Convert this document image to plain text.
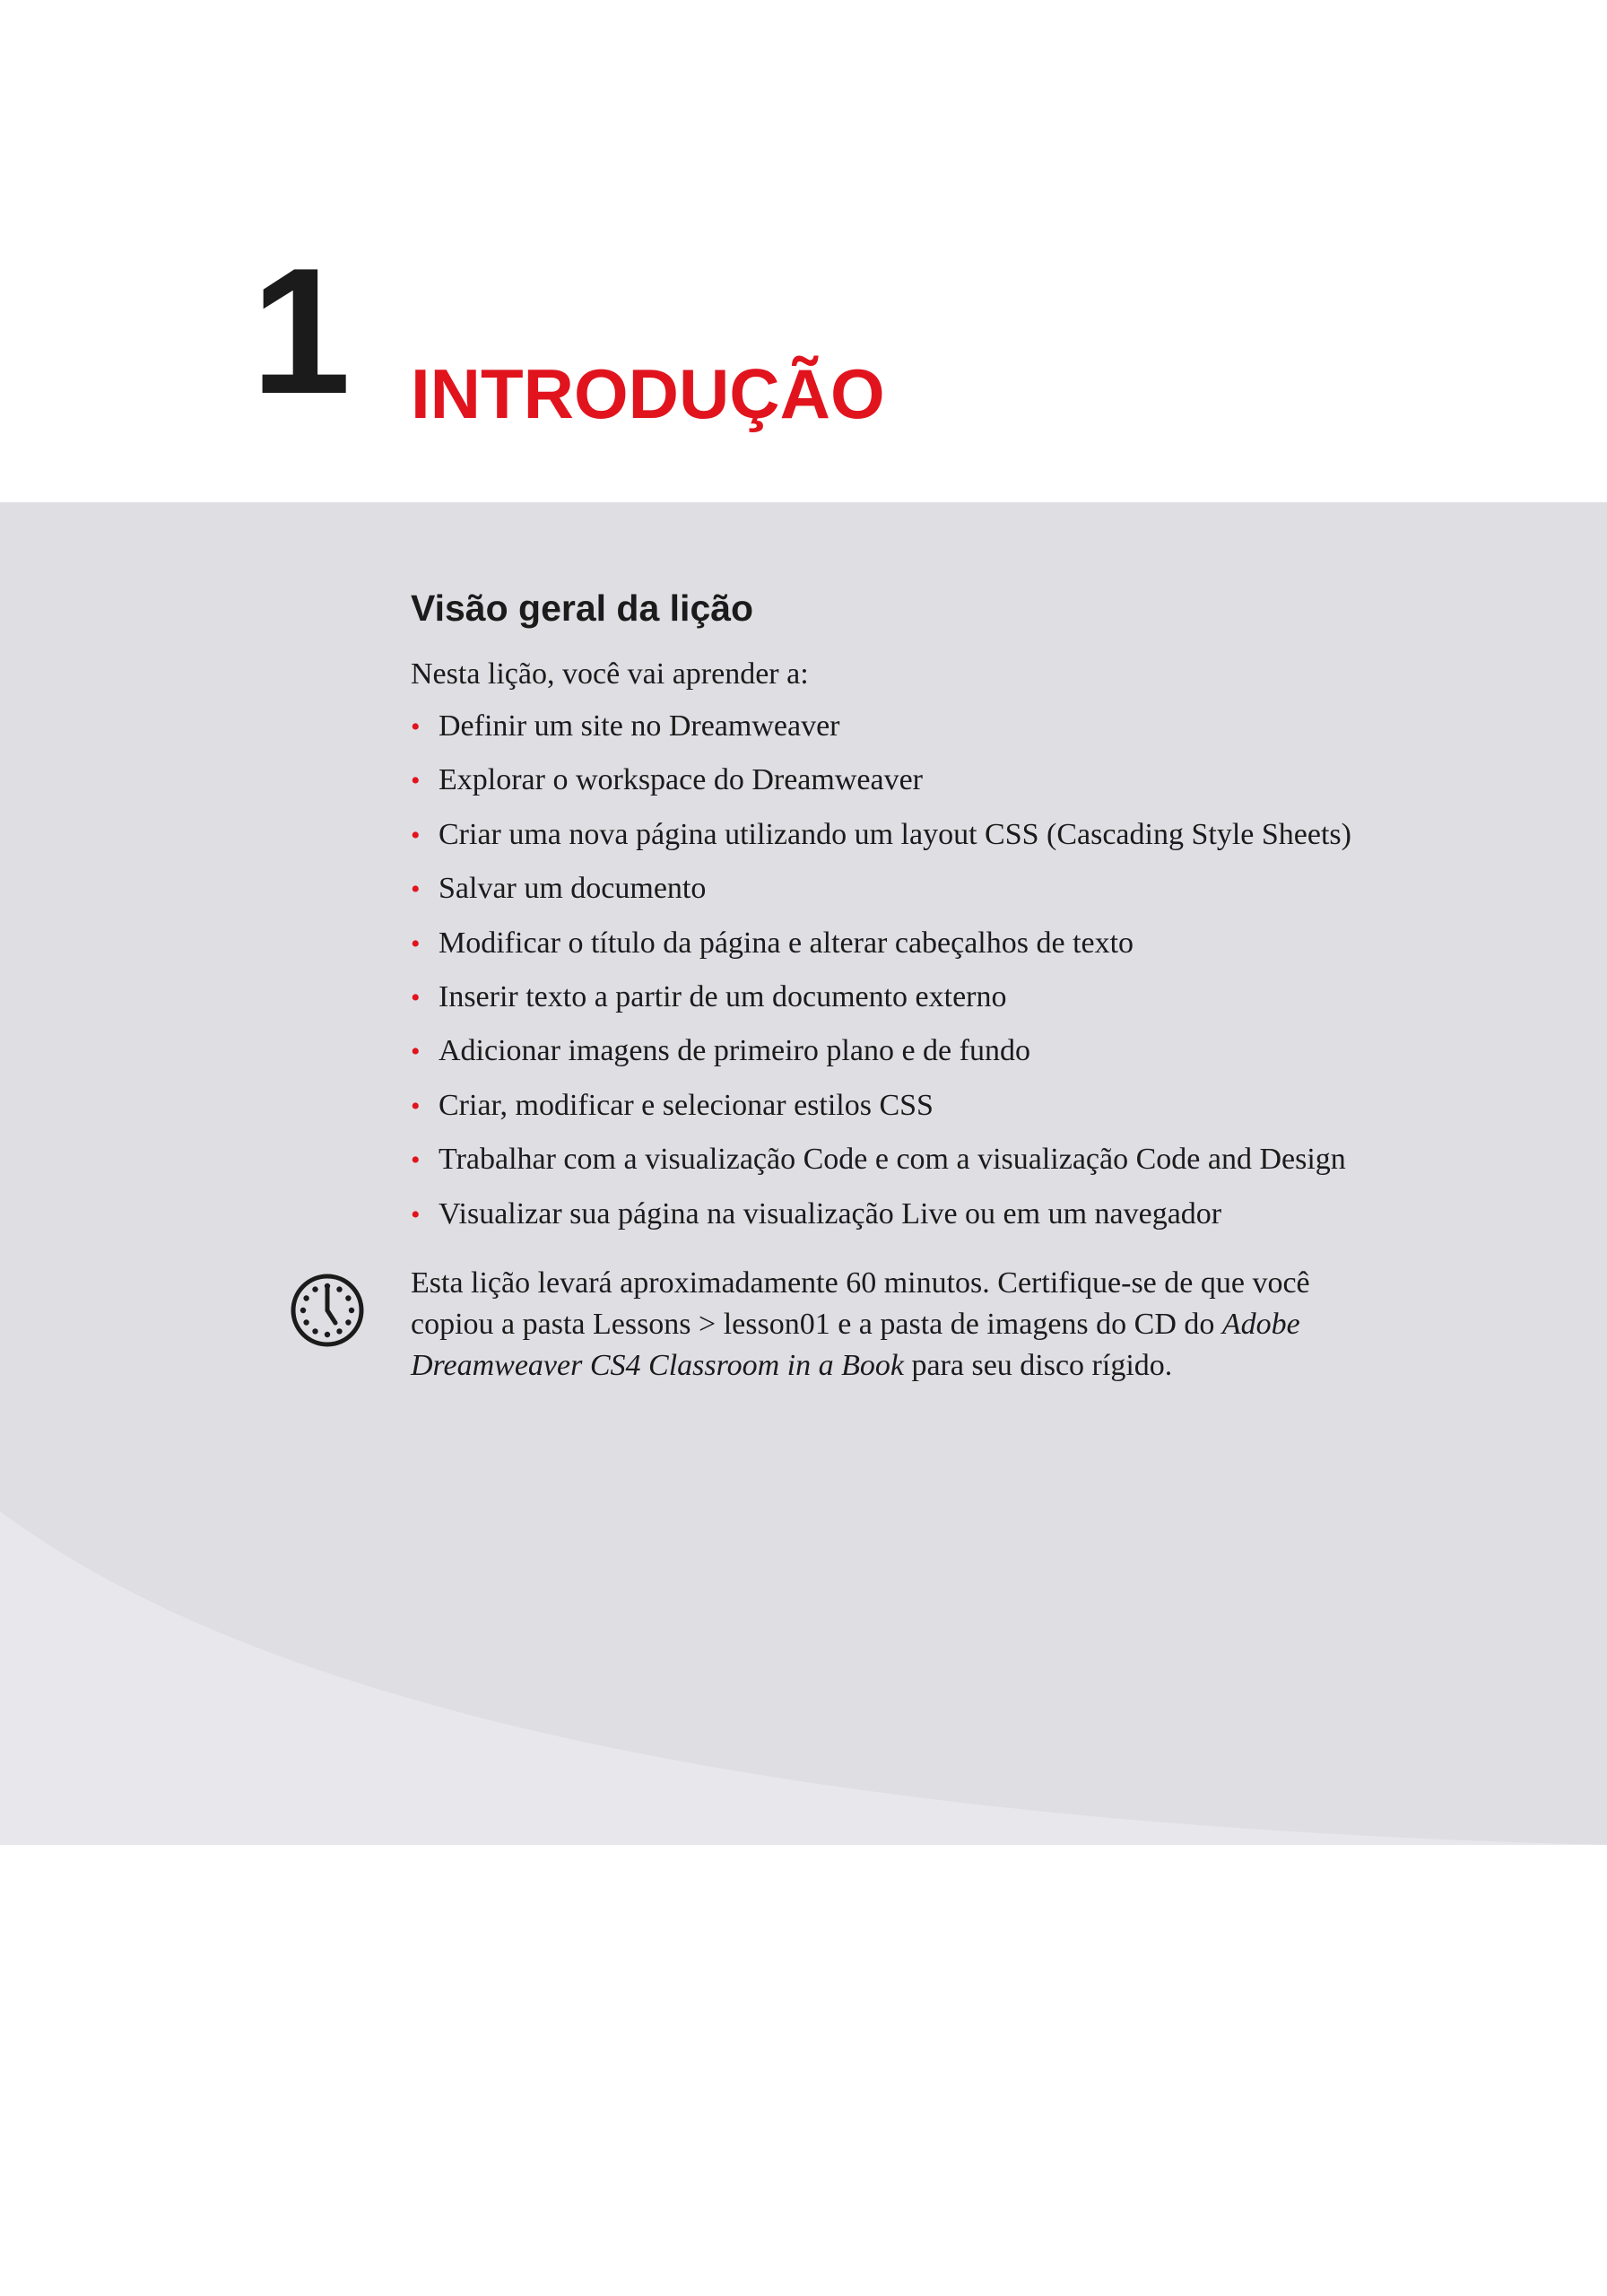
1 INTRODUÇÃO
Visão geral da lição

Nesta lição, você vai aprender a:

• Definir um site no Dreamweaver
• Explorar o workspace do Dreamweaver
• Criar uma nova página utilizando um layout CSS (Cascading Style Sheets)
• Salvar um documento
• Modificar o título da página e alterar cabeçalhos de texto
• Inserir texto a partir de um documento externo
• Adicionar imagens de primeiro plano e de fundo
• Criar, modificar e selecionar estilos CSS
• Trabalhar com a visualização Code e com a visualização Code and Design
• Visualizar sua página na visualização Live ou em um navegador

Esta lição levará aproximadamente 60 minutos. Certifique-se de que você copiou a pasta Lessons > lesson01 e a pasta de imagens do CD do Adobe Dreamweaver CS4 Classroom in a Book para seu disco rígido.
